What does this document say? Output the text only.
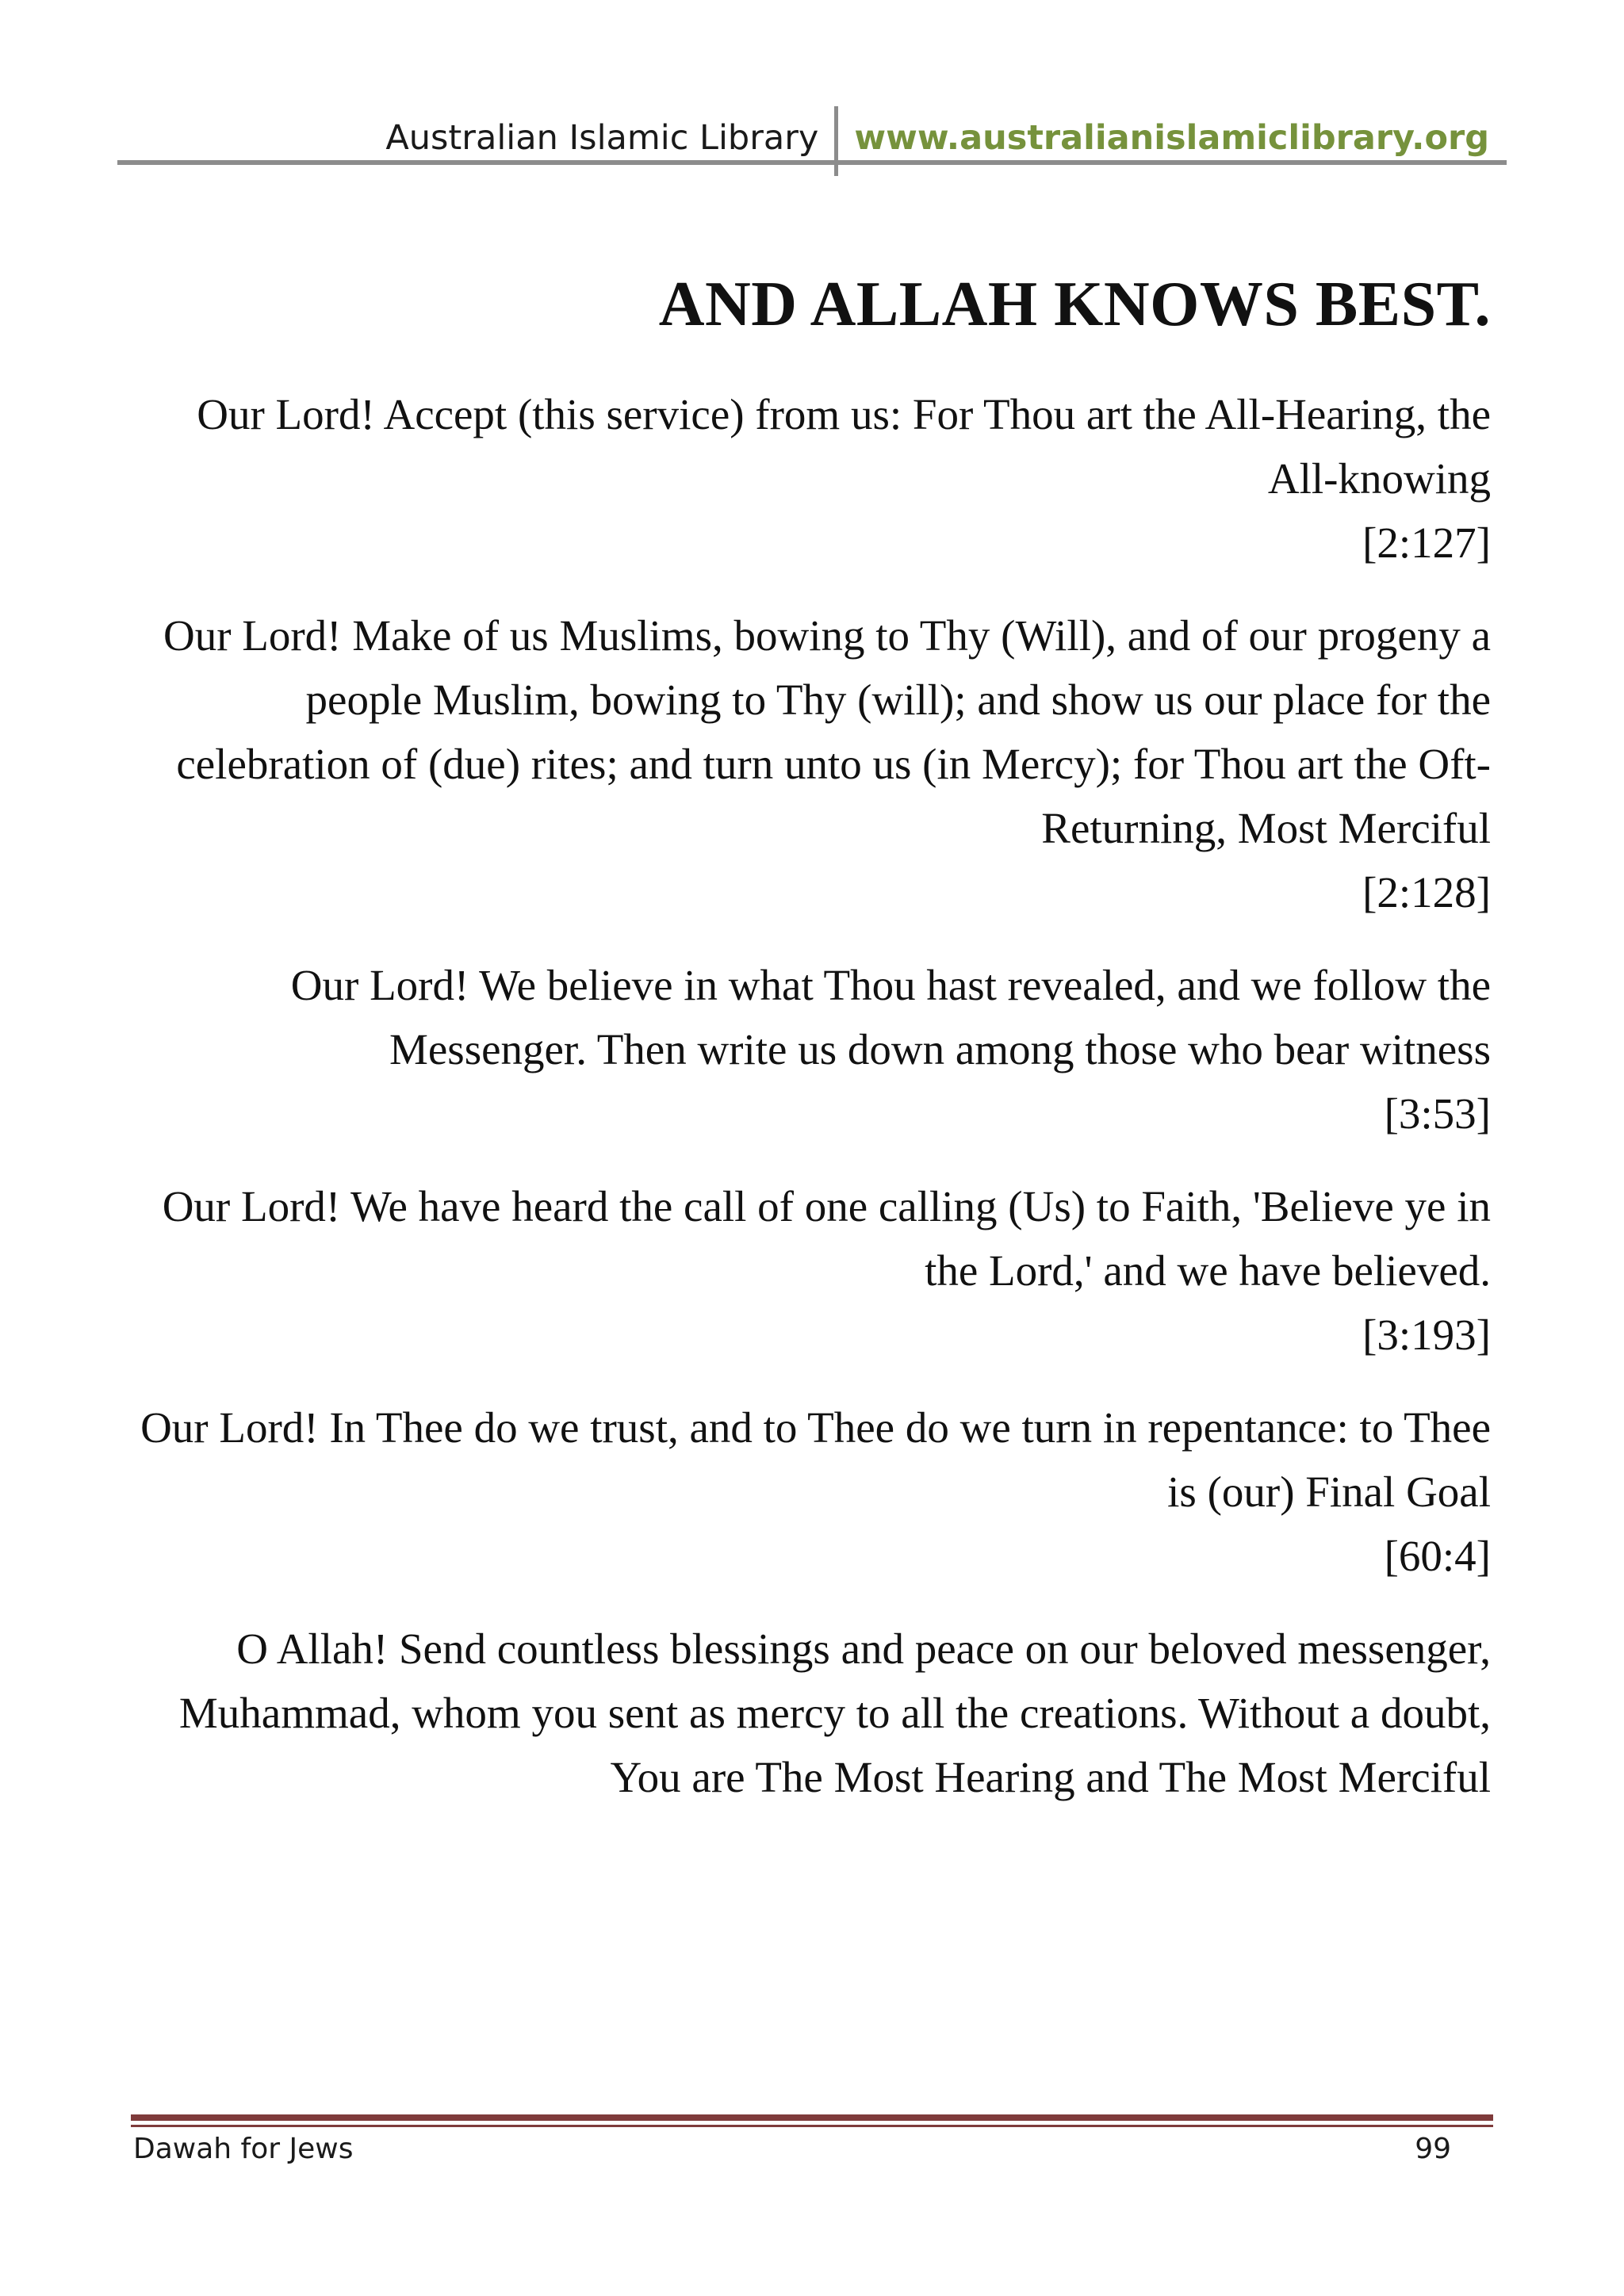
Australian Islamic Library www.australianislamiclibrary.org
AND ALLAH KNOWS BEST.

Our Lord! Accept (this service) from us: For Thou art the All-Hearing, the All-knowing

[2:127]

Our Lord! Make of us Muslims, bowing to Thy (Will), and of our progeny a people Muslim, bowing to Thy (will); and show us our place for the celebration of (due) rites; and turn unto us (in Mercy); for Thou art the Oft-Returning, Most Merciful

[2:128]

Our Lord! We believe in what Thou hast revealed, and we follow the Messenger. Then write us down among those who bear witness

[3:53]

Our Lord! We have heard the call of one calling (Us) to Faith, 'Believe ye in the Lord,' and we have believed.

[3:193]

Our Lord! In Thee do we trust, and to Thee do we turn in repentance: to Thee is (our) Final Goal

[60:4]

O Allah! Send countless blessings and peace on our beloved messenger, Muhammad, whom you sent as mercy to all the creations. Without a doubt, You are The Most Hearing and The Most Merciful

Dawah for Jews	99
